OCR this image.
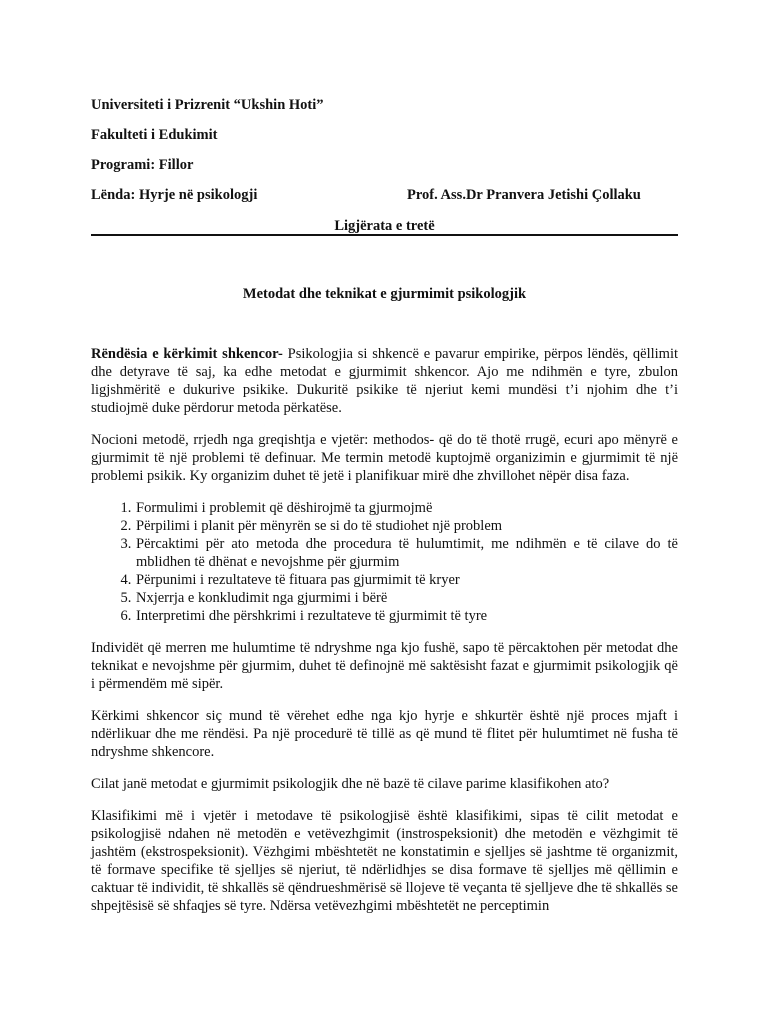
Universiteti i Prizrenit “Ukshin Hoti”
Fakulteti i Edukimit
Programi: Fillor
Lënda: Hyrje në psikologji	Prof. Ass.Dr Pranvera Jetishi Çollaku
Ligjërata e tretë
Metodat dhe teknikat e gjurmimit psikologjik

Rëndësia e kërkimit shkencor- Psikologjia si shkencë e pavarur empirike, përpos lëndës, qëllimit dhe detyrave të saj, ka edhe metodat e gjurmimit shkencor. Ajo me ndihmën e tyre, zbulon ligjshmëritë e dukurive psikike. Dukuritë psikike të njeriut kemi mundësi t’i njohim dhe t’i studiojmë duke përdorur metoda përkatëse.

Nocioni metodë, rrjedh nga greqishtja e vjetër: methodos- që do të thotë rrugë, ecuri apo mënyrë e gjurmimit të një problemi të definuar. Me termin metodë kuptojmë organizimin e gjurmimit të një problemi psikik. Ky organizim duhet të jetë i planifikuar mirë dhe zhvillohet nëpër disa faza.

1. Formulimi i problemit që dëshirojmë ta gjurmojmë
2. Përpilimi i planit për mënyrën se si do të studiohet një problem
3. Përcaktimi për ato metoda dhe procedura të hulumtimit, me ndihmën e të cilave do të mblidhen të dhënat e nevojshme për gjurmim
4. Përpunimi i rezultateve të fituara pas gjurmimit të kryer
5. Nxjerrja e konkludimit nga gjurmimi i bërë
6. Interpretimi dhe përshkrimi i rezultateve të gjurmimit të tyre

Individët që merren me hulumtime të ndryshme nga kjo fushë, sapo të përcaktohen për metodat dhe teknikat e nevojshme për gjurmim, duhet të definojnë më saktësisht fazat e gjurmimit psikologjik që i përmendëm më sipër.

Kërkimi shkencor siç mund të vërehet edhe nga kjo hyrje e shkurtër është një proces mjaft i ndërlikuar dhe me rëndësi. Pa një procedurë të tillë as që mund të flitet për hulumtimet në fusha të ndryshme shkencore.

Cilat janë metodat e gjurmimit psikologjik dhe në bazë të cilave parime klasifikohen ato?

Klasifikimi më i vjetër i metodave të psikologjisë është klasifikimi, sipas të cilit metodat e psikologjisë ndahen në metodën e vetëvezhgimit (instrospeksionit) dhe metodën e vëzhgimit të jashtëm (ekstrospeksionit). Vëzhgimi mbështetët ne konstatimin e sjelljes së jashtme të organizmit, të formave specifike të sjelljes së njeriut, të ndërlidhjes se disa formave të sjelljes më qëllimin e caktuar të individit, të shkallës së qëndrueshmërisë së llojeve të veçanta të sjelljeve dhe të shkallës se shpejtësisë së shfaqjes së tyre. Ndërsa vetëvezhgimi mbështetët ne perceptimin
